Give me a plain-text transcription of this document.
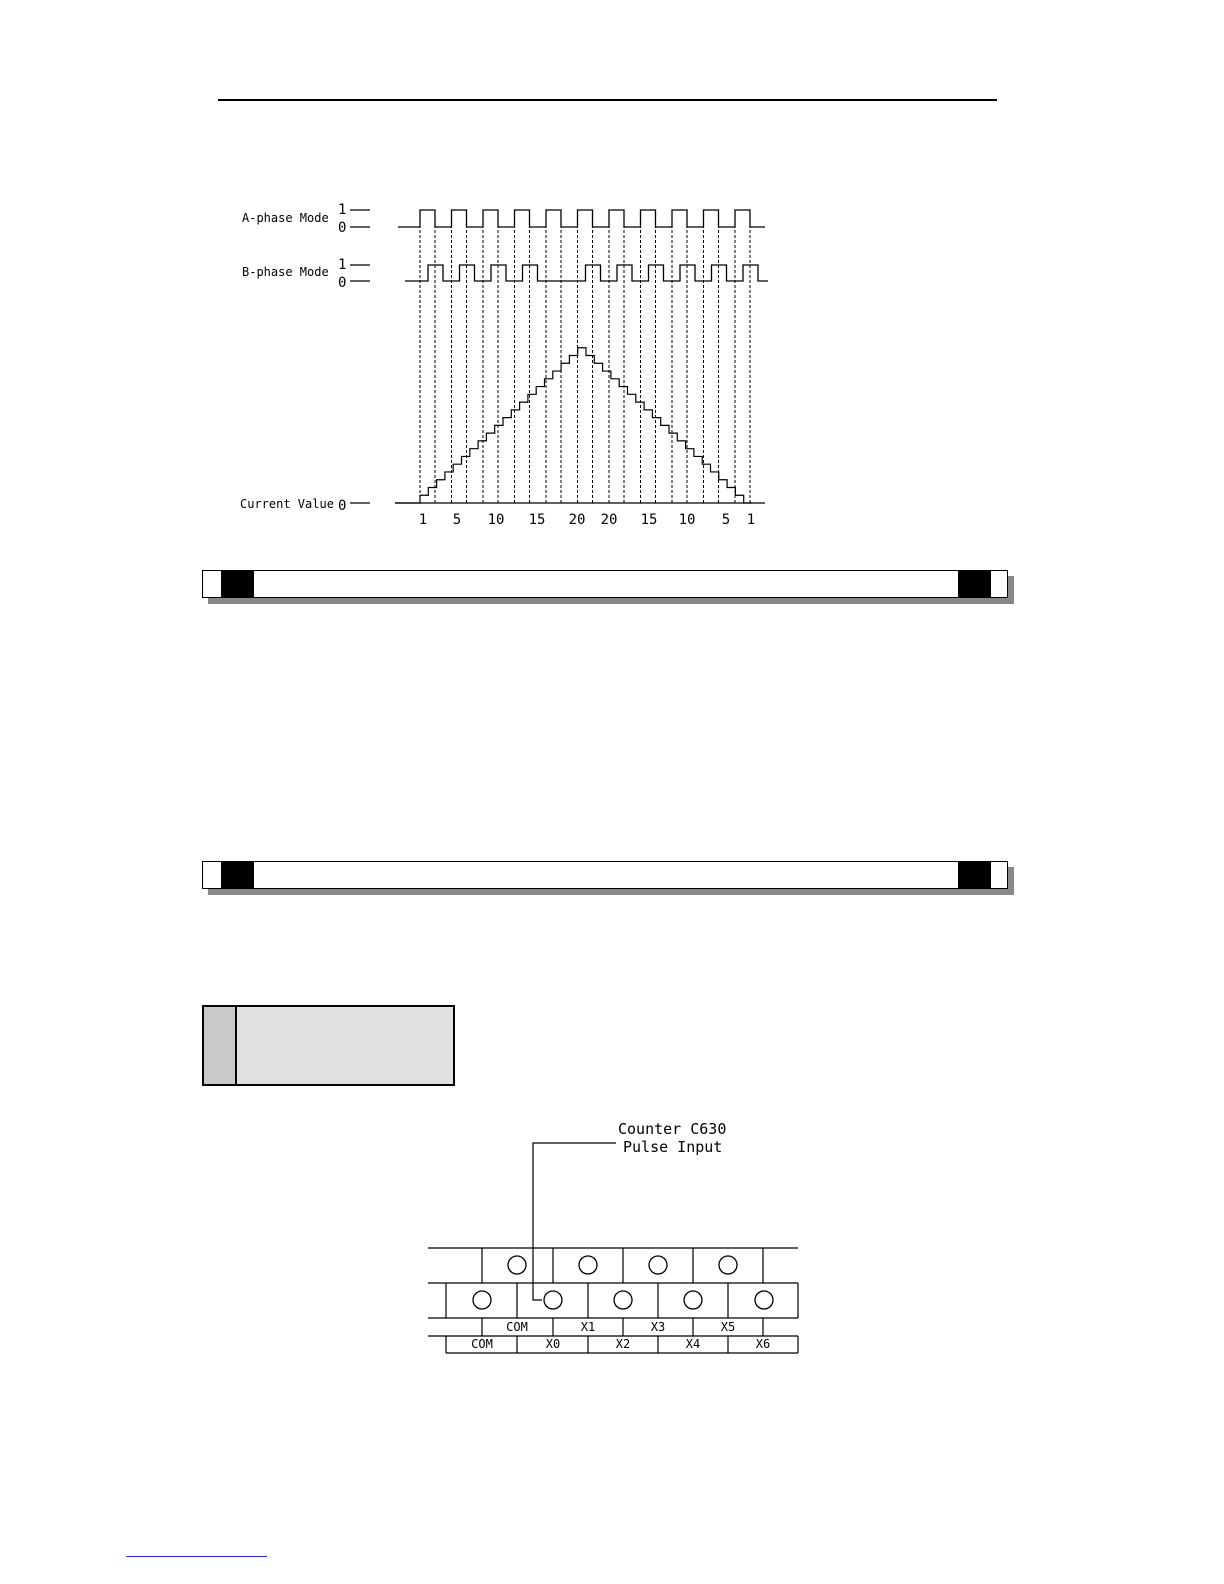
A-phase Mode 1
0
B-phase Mode 1
0
Current Value 0
1 5 10 15 20 20 15 10 5 1
Counter C630
Pulse Input
COM	X1	X3	X5
COM	X0	X2	X4	X6
